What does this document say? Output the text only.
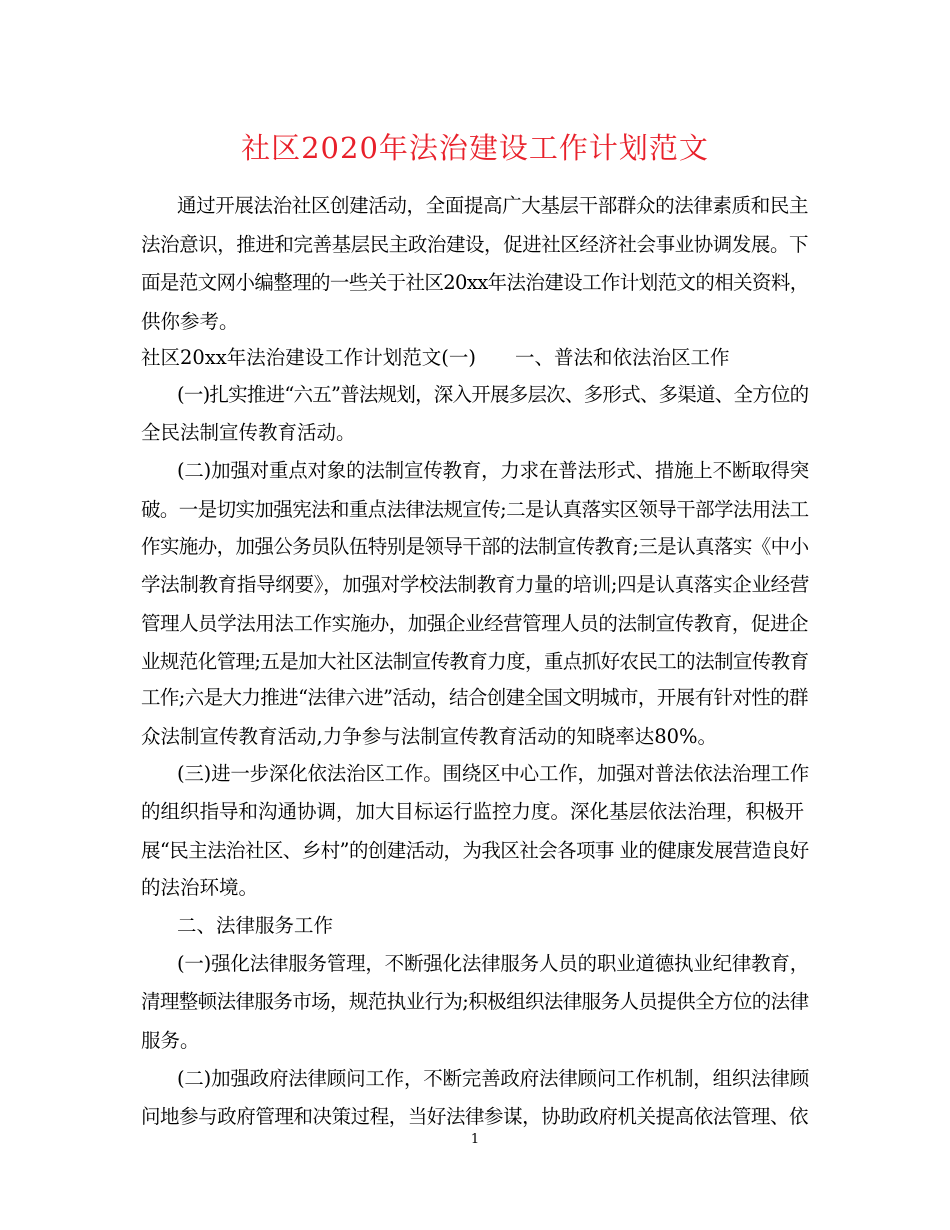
社区2020年法治建设工作计划范文
通过开展法治社区创建活动，全面提高广大基层干部群众的法律素质和民主
法治意识，推进和完善基层民主政治建设，促进社区经济社会事业协调发展。下
面是范文网小编整理的一些关于社区20xx年法治建设工作计划范文的相关资料，
供你参考。
社区20xx年法治建设工作计划范文(一)　　一、普法和依法治区工作
(一)扎实推进“六五”普法规划，深入开展多层次、多形式、多渠道、全方位的
全民法制宣传教育活动。
(二)加强对重点对象的法制宣传教育，力求在普法形式、措施上不断取得突
破。一是切实加强宪法和重点法律法规宣传;二是认真落实区领导干部学法用法工
作实施办，加强公务员队伍特别是领导干部的法制宣传教育;三是认真落实《中小
学法制教育指导纲要》，加强对学校法制教育力量的培训;四是认真落实企业经营
管理人员学法用法工作实施办，加强企业经营管理人员的法制宣传教育，促进企
业规范化管理;五是加大社区法制宣传教育力度，重点抓好农民工的法制宣传教育
工作;六是大力推进“法律六进”活动，结合创建全国文明城市，开展有针对性的群
众法制宣传教育活动,力争参与法制宣传教育活动的知晓率达80%。
(三)进一步深化依法治区工作。围绕区中心工作，加强对普法依法治理工作
的组织指导和沟通协调，加大目标运行监控力度。深化基层依法治理，积极开
展“民主法治社区、乡村”的创建活动，为我区社会各项事 业的健康发展营造良好
的法治环境。
二、法律服务工作
(一)强化法律服务管理，不断强化法律服务人员的职业道德执业纪律教育，
清理整顿法律服务市场，规范执业行为;积极组织法律服务人员提供全方位的法律
服务。
(二)加强政府法律顾问工作，不断完善政府法律顾问工作机制，组织法律顾
问地参与政府管理和决策过程，当好法律参谋，协助政府机关提高依法管理、依
1
